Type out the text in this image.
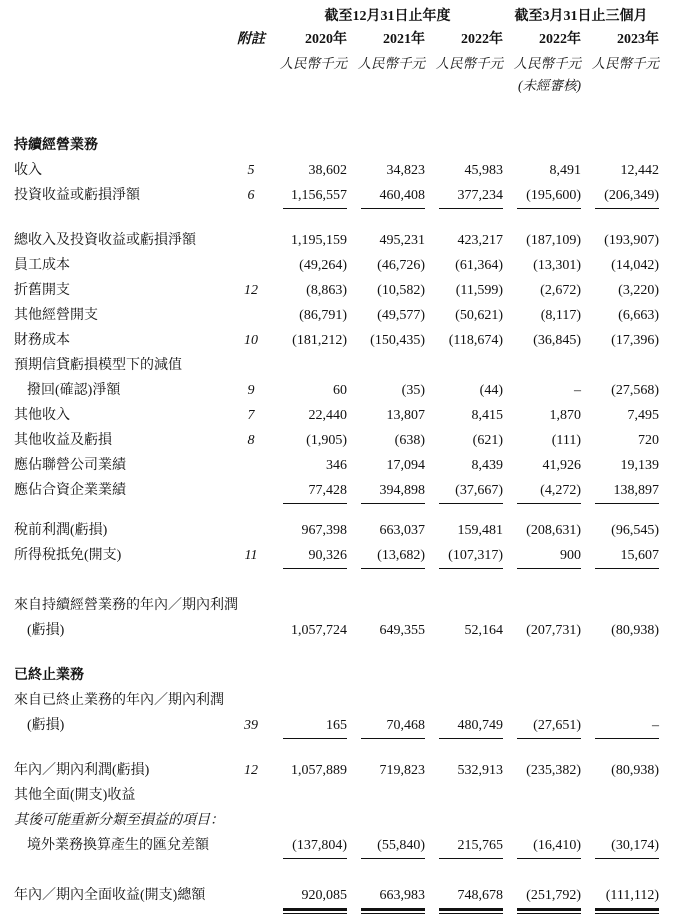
截至12月31日止年度	截至3月31日止三個月
附註	2020年	2021年	2022年	2022年	2023年
人民幣千元 人民幣千元 人民幣千元 人民幣千元 人民幣千元
(未經審核)
持續經營業務
收入	5	38,602	34,823	45,983	8,491	12,442
投資收益或虧損淨額	6	1,156,557	460,408	377,234	(195,600)	(206,349)
總收入及投資收益或虧損淨額	1,195,159	495,231	423,217	(187,109)	(193,907)
員工成本	(49,264)	(46,726)	(61,364)	(13,301)	(14,042)
折舊開支	12	(8,863)	(10,582)	(11,599)	(2,672)	(3,220)
其他經營開支	(86,791)	(49,577)	(50,621)	(8,117)	(6,663)
財務成本	10	(181,212)	(150,435)	(118,674)	(36,845)	(17,396)
預期信貸虧損模型下的減值
撥回(確認)淨額	9	60	(35)	(44)	–	(27,568)
其他收入	7	22,440	13,807	8,415	1,870	7,495
其他收益及虧損	8	(1,905)	(638)	(621)	(111)	720
應佔聯營公司業績	346	17,094	8,439	41,926	19,139
應佔合資企業業績	77,428	394,898	(37,667)	(4,272)	138,897
稅前利潤(虧損)	967,398	663,037	159,481	(208,631)	(96,545)
所得稅抵免(開支)	11	90,326	(13,682)	(107,317)	900	15,607
來自持續經營業務的年內／期內利潤
(虧損)	1,057,724	649,355	52,164	(207,731)	(80,938)
已終止業務
來自已終止業務的年內／期內利潤
(虧損)	39	165	70,468	480,749	(27,651)	–
年內／期內利潤(虧損)	12	1,057,889	719,823	532,913	(235,382)	(80,938)
其他全面(開支)收益
其後可能重新分類至損益的項目：
境外業務換算產生的匯兌差額	(137,804)	(55,840)	215,765	(16,410)	(30,174)
年內／期內全面收益(開支)總額	920,085	663,983	748,678	(251,792)	(111,112)
